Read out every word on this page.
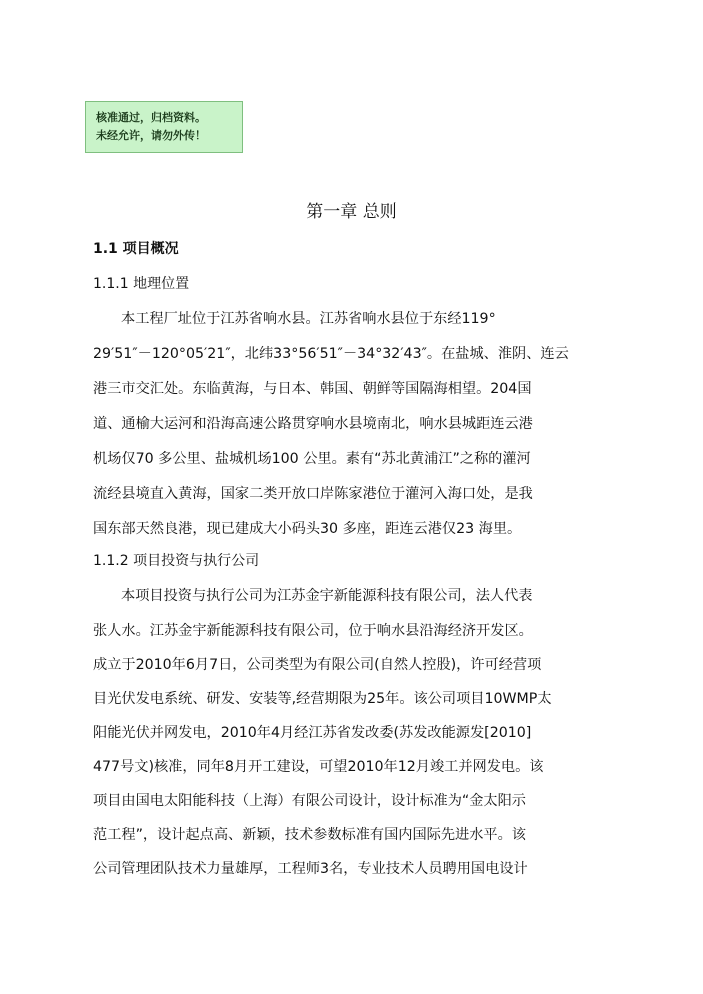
核准通过，归档资料。
未经允许，请勿外传！
第一章 总则
1.1 项目概况
1.1.1 地理位置
本工程厂址位于江苏省响水县。江苏省响水县位于东经119°
29′51″－120°05′21″，北纬33°56′51″－34°32′43″。在盐城、淮阴、连云
港三市交汇处。东临黄海，与日本、韩国、朝鲜等国隔海相望。204国
道、通榆大运河和沿海高速公路贯穿响水县境南北，响水县城距连云港
机场仅70 多公里、盐城机场100 公里。素有“苏北黄浦江”之称的灌河
流经县境直入黄海，国家二类开放口岸陈家港位于灌河入海口处，是我
国东部天然良港，现已建成大小码头30 多座，距连云港仅23 海里。
1.1.2 项目投资与执行公司
本项目投资与执行公司为江苏金宇新能源科技有限公司，法人代表
张人水。江苏金宇新能源科技有限公司，位于响水县沿海经济开发区。
成立于2010年6月7日，公司类型为有限公司(自然人控股)，许可经营项
目光伏发电系统、研发、安装等,经营期限为25年。该公司项目10WMP太
阳能光伏并网发电，2010年4月经江苏省发改委(苏发改能源发[2010]
477号文)核准，同年8月开工建设，可望2010年12月竣工并网发电。该
项目由国电太阳能科技（上海）有限公司设计，设计标准为“金太阳示
范工程”，设计起点高、新颖，技术参数标准有国内国际先进水平。该
公司管理团队技术力量雄厚，工程师3名，专业技术人员聘用国电设计
